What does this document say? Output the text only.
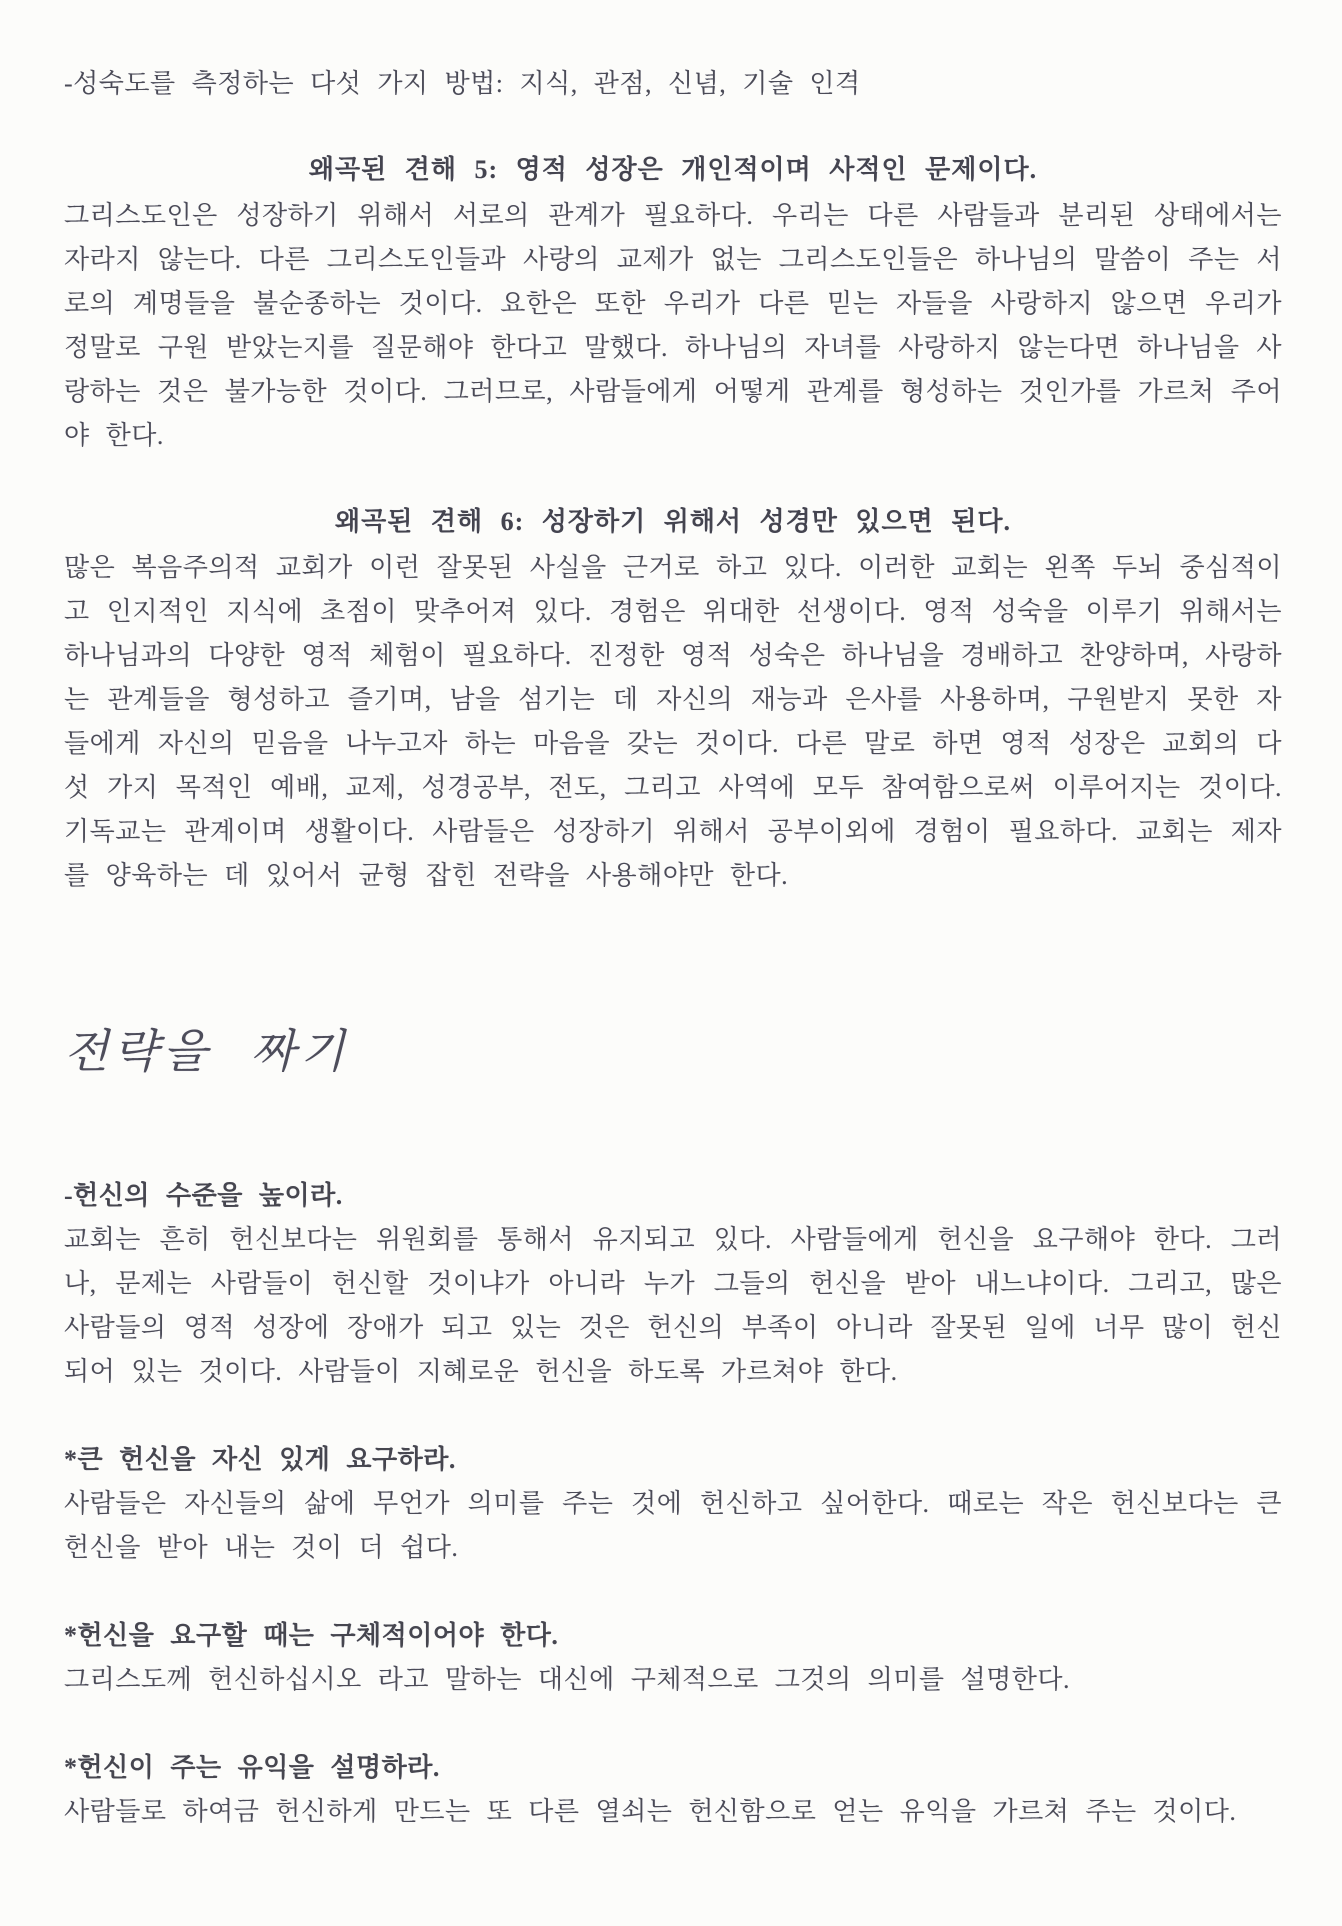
-성숙도를 측정하는 다섯 가지 방법: 지식, 관점, 신념, 기술 인격
왜곡된 견해 5: 영적 성장은 개인적이며 사적인 문제이다.

그리스도인은 성장하기 위해서 서로의 관계가 필요하다. 우리는 다른 사람들과 분리된 상태에서는 자라지 않는다. 다른 그리스도인들과 사랑의 교제가 없는 그리스도인들은 하나님의 말씀이 주는 서로의 계명들을 불순종하는 것이다. 요한은 또한 우리가 다른 믿는 자들을 사랑하지 않으면 우리가 정말로 구원 받았는지를 질문해야 한다고 말했다. 하나님의 자녀를 사랑하지 않는다면 하나님을 사랑하는 것은 불가능한 것이다. 그러므로, 사람들에게 어떻게 관계를 형성하는 것인가를 가르처 주어야 한다.

왜곡된 견해 6: 성장하기 위해서 성경만 있으면 된다.

많은 복음주의적 교회가 이런 잘못된 사실을 근거로 하고 있다. 이러한 교회는 왼쪽 두뇌 중심적이고 인지적인 지식에 초점이 맞추어져 있다. 경험은 위대한 선생이다. 영적 성숙을 이루기 위해서는 하나님과의 다양한 영적 체험이 필요하다. 진정한 영적 성숙은 하나님을 경배하고 찬양하며, 사랑하는 관계들을 형성하고 즐기며, 남을 섬기는 데 자신의 재능과 은사를 사용하며, 구원받지 못한 자들에게 자신의 믿음을 나누고자 하는 마음을 갖는 것이다. 다른 말로 하면 영적 성장은 교회의 다섯 가지 목적인 예배, 교제, 성경공부, 전도, 그리고 사역에 모두 참여함으로써 이루어지는 것이다. 기독교는 관계이며 생활이다. 사람들은 성장하기 위해서 공부이외에 경험이 필요하다. 교회는 제자를 양육하는 데 있어서 균형 잡힌 전략을 사용해야만 한다.

전략을 짜기
-헌신의 수준을 높이라.

교회는 흔히 헌신보다는 위원회를 통해서 유지되고 있다. 사람들에게 헌신을 요구해야 한다. 그러나, 문제는 사람들이 헌신할 것이냐가 아니라 누가 그들의 헌신을 받아 내느냐이다. 그리고, 많은 사람들의 영적 성장에 장애가 되고 있는 것은 헌신의 부족이 아니라 잘못된 일에 너무 많이 헌신되어 있는 것이다. 사람들이 지혜로운 헌신을 하도록 가르쳐야 한다.

*큰 헌신을 자신 있게 요구하라.

사람들은 자신들의 삶에 무언가 의미를 주는 것에 헌신하고 싶어한다. 때로는 작은 헌신보다는 큰 헌신을 받아 내는 것이 더 쉽다.

*헌신을 요구할 때는 구체적이어야 한다.

그리스도께 헌신하십시오 라고 말하는 대신에 구체적으로 그것의 의미를 설명한다.

*헌신이 주는 유익을 설명하라.

사람들로 하여금 헌신하게 만드는 또 다른 열쇠는 헌신함으로 얻는 유익을 가르쳐 주는 것이다.
